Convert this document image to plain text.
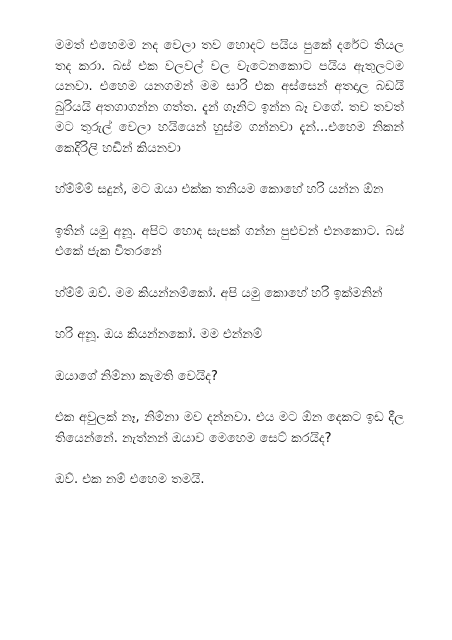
මමත් එහෙමම නද වෙලා තව හොදට පයිය පුකේ දරේට තියල තද කරා. බස් එක වලවල් වල වැටෙනකොට පයිය ඇතුලටම යනවා. එහෙම යනගමන් මම සාරි එක අස්සෙන් අතදාල බඩයි බුරියයි අතගාගන්න ගත්ත. දැන් ගෑනිට ඉන්න බෑ වගේ. තව තවත් මට තුරුල් වෙලා හයියෙන් හුස්ම ගන්නවා දැන්...එහෙම නිකන් කෙදිරිලි හඩින් කියනවා

හ්ම්ම්ම් සදුන්, මට ඔයා එක්ක තනියම කොහේ හරි යන්න ඕන

ඉතින් යමු අනූ. අපිට හොද සැපක් ගන්න පුළුවන් එනකොට. බස් එකේ ජැක විතරනේ

හ්ම්ම් ඔව්. මම කියන්නම්කෝ. අපි යමු කොහේ හරි ඉක්මනින්

හරි අනූ. ඔය කියන්නකෝ. මම එන්නම්

ඔයාගේ නිම්නා කැමති වෙයිද?

එක අවුලක් නෑ, නිම්නා මව දන්නවා. එය මට ඕන දෙකට ඉඩ දීල තියෙන්නේ. නැත්නන් ඔයාව මෙහෙම සෙට් කරයිද?

ඔව්. එක නම් එහෙම තමයි.
